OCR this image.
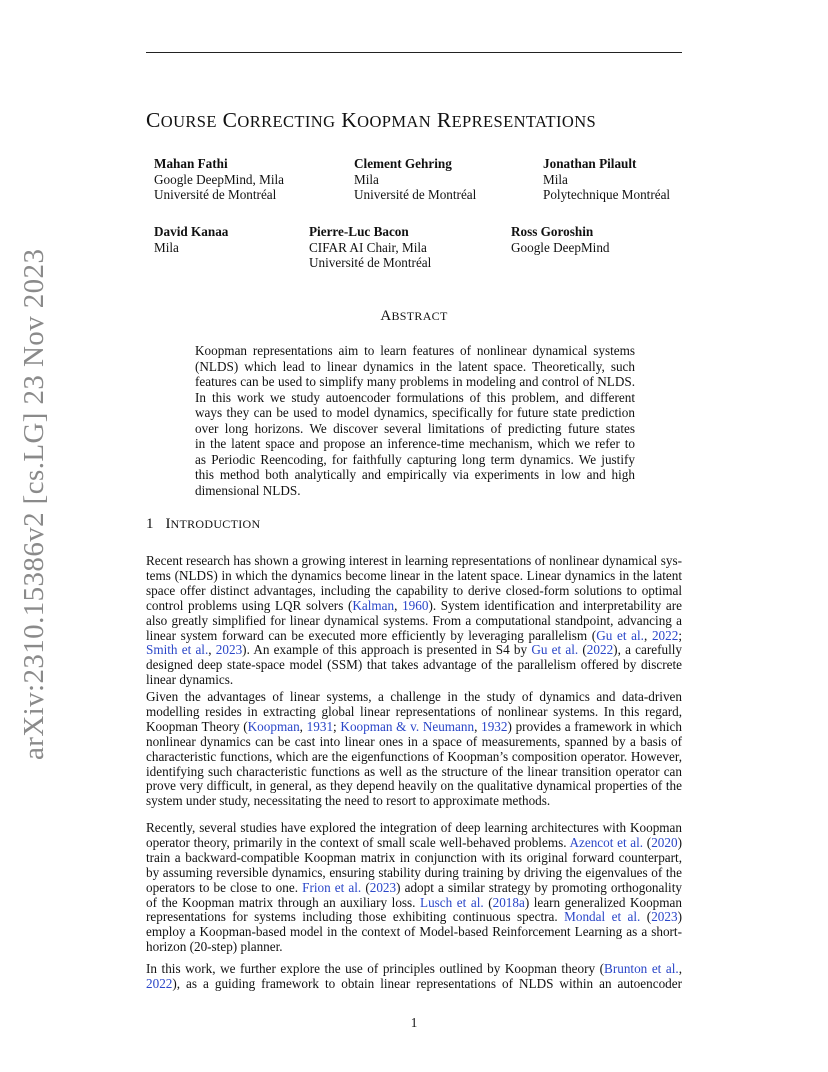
arXiv:2310.15386v2 [cs.LG] 23 Nov 2023
COURSE CORRECTING KOOPMAN REPRESENTATIONS
Mahan Fathi
Google DeepMind, Mila
Université de Montréal
Clement Gehring
Mila
Université de Montréal
Jonathan Pilault
Mila
Polytechnique Montréal
David Kanaa
Mila
Pierre-Luc Bacon
CIFAR AI Chair, Mila
Université de Montréal
Ross Goroshin
Google DeepMind
ABSTRACT
Koopman representations aim to learn features of nonlinear dynamical systems
(NLDS) which lead to linear dynamics in the latent space. Theoretically, such
features can be used to simplify many problems in modeling and control of NLDS.
In this work we study autoencoder formulations of this problem, and different
ways they can be used to model dynamics, specifically for future state prediction
over long horizons. We discover several limitations of predicting future states
in the latent space and propose an inference-time mechanism, which we refer to
as Periodic Reencoding, for faithfully capturing long term dynamics. We justify
this method both analytically and empirically via experiments in low and high
dimensional NLDS.
1 INTRODUCTION
Recent research has shown a growing interest in learning representations of nonlinear dynamical sys-
tems (NLDS) in which the dynamics become linear in the latent space. Linear dynamics in the latent
space offer distinct advantages, including the capability to derive closed-form solutions to optimal
control problems using LQR solvers (Kalman, 1960). System identification and interpretability are
also greatly simplified for linear dynamical systems. From a computational standpoint, advancing a
linear system forward can be executed more efficiently by leveraging parallelism (Gu et al., 2022;
Smith et al., 2023). An example of this approach is presented in S4 by Gu et al. (2022), a carefully
designed deep state-space model (SSM) that takes advantage of the parallelism offered by discrete
linear dynamics.
Given the advantages of linear systems, a challenge in the study of dynamics and data-driven
modelling resides in extracting global linear representations of nonlinear systems. In this regard,
Koopman Theory (Koopman, 1931; Koopman & v. Neumann, 1932) provides a framework in which
nonlinear dynamics can be cast into linear ones in a space of measurements, spanned by a basis of
characteristic functions, which are the eigenfunctions of Koopman’s composition operator. However,
identifying such characteristic functions as well as the structure of the linear transition operator can
prove very difficult, in general, as they depend heavily on the qualitative dynamical properties of the
system under study, necessitating the need to resort to approximate methods.
Recently, several studies have explored the integration of deep learning architectures with Koopman
operator theory, primarily in the context of small scale well-behaved problems. Azencot et al. (2020)
train a backward-compatible Koopman matrix in conjunction with its original forward counterpart,
by assuming reversible dynamics, ensuring stability during training by driving the eigenvalues of the
operators to be close to one. Frion et al. (2023) adopt a similar strategy by promoting orthogonality
of the Koopman matrix through an auxiliary loss. Lusch et al. (2018a) learn generalized Koopman
representations for systems including those exhibiting continuous spectra. Mondal et al. (2023)
employ a Koopman-based model in the context of Model-based Reinforcement Learning as a short-
horizon (20-step) planner.
In this work, we further explore the use of principles outlined by Koopman theory (Brunton et al.,
2022), as a guiding framework to obtain linear representations of NLDS within an autoencoder
1
